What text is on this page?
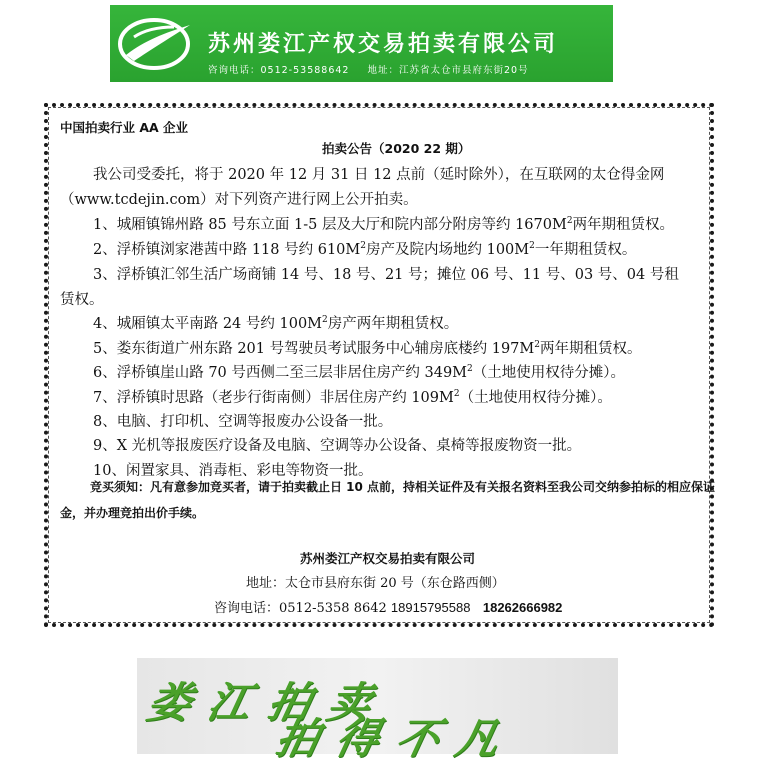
苏州娄江产权交易拍卖有限公司
咨询电话：0512-53588642 地址：江苏省太仓市县府东街20号
中国拍卖行业 AA 企业
拍卖公告（2020 22 期）
我公司受委托，将于 2020 年 12 月 31 日 12 点前（延时除外），在互联网的太仓得金网
（www.tcdejin.com）对下列资产进行网上公开拍卖。
1、城厢镇锦州路 85 号东立面 1-5 层及大厅和院内部分附房等约 $1670M^2$两年期租赁权。
2、浮桥镇浏家港茜中路 118 号约 $610M^2$房产及院内场地约 $100M^2$一年期租赁权。
3、浮桥镇汇邻生活广场商铺 14 号、18 号、21 号；摊位 06 号、11 号、03 号、04 号租
赁权。
4、城厢镇太平南路 24 号约 $100M^2$房产两年期租赁权。
5、娄东街道广州东路 201 号驾驶员考试服务中心辅房底楼约 $197M^2$两年期租赁权。
6、浮桥镇崖山路 70 号西侧二至三层非居住房产约 $349M^2$（土地使用权待分摊）。
7、浮桥镇时思路（老步行街南侧）非居住房产约 $109M^2$（土地使用权待分摊）。
8、电脑、打印机、空调等报废办公设备一批。
9、X 光机等报废医疗设备及电脑、空调等办公设备、桌椅等报废物资一批。
10、闲置家具、消毒柜、彩电等物资一批。
竞买须知：凡有意参加竞买者，请于拍卖截止日 10 点前，持相关证件及有关报名资料至我公司交纳参拍标的相应保证金，并办理竞拍出价手续。
苏州娄江产权交易拍卖有限公司
地址：太仓市县府东街 20 号（东仓路西侧）
咨询电话：0512-5358 8642 18915795588 18262666982
娄江拍卖
拍得不凡
